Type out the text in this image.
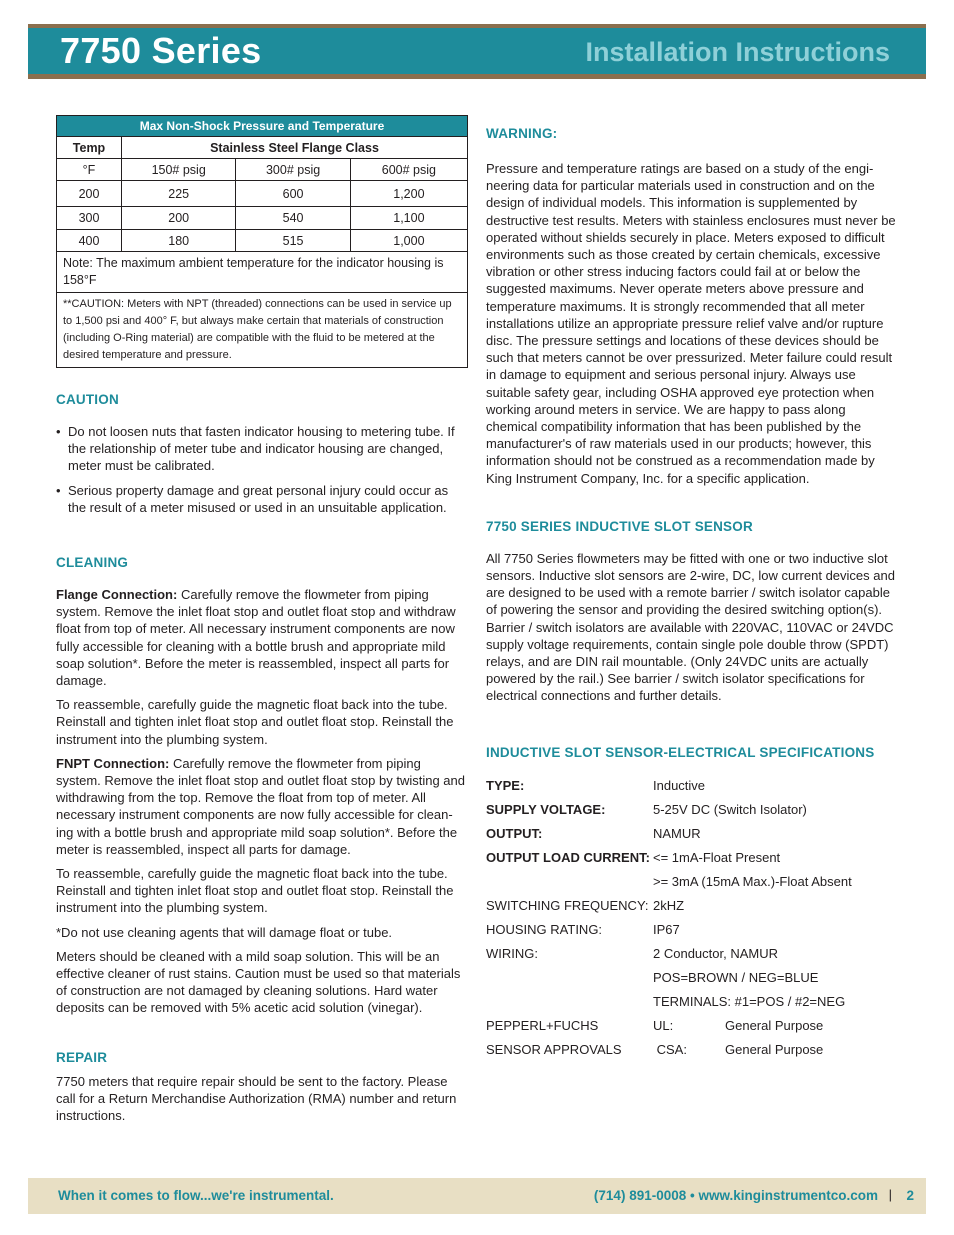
7750 Series	Installation Instructions
Max Non-Shock Pressure and Temperature			
Temp	Stainless Steel Flange Class		
°F	150# psig	300# psig	600# psig
200	225	600	1,200
300	200	540	1,100
400	180	515	1,000
Note: The maximum ambient temperature for the indicator housing is 158°F			
**CAUTION: Meters with NPT (threaded) connections can be used in service up to 1,500 psi and 400° F, but always make certain that materials of construction (including O-Ring material) are compatible with the fluid to be metered at the desired temperature and pressure.			
CAUTION
• Do not loosen nuts that fasten indicator housing to metering tube. If the relationship of meter tube and indicator housing are changed, meter must be calibrated.
• Serious property damage and great personal injury could occur as the result of a meter misused or used in an unsuitable application.
CLEANING

Flange Connection: Carefully remove the flowmeter from piping system. Remove the inlet float stop and outlet float stop and withdraw float from top of meter. All necessary instrument components are now fully accessible for cleaning with a bottle brush and appropriate mild soap solution*. Before the meter is reassembled, inspect all parts for damage.

To reassemble, carefully guide the magnetic float back into the tube. Reinstall and tighten inlet float stop and outlet float stop. Reinstall the instrument into the plumbing system.

FNPT Connection: Carefully remove the flowmeter from piping system. Remove the inlet float stop and outlet float stop by twisting and withdrawing from the top. Remove the float from top of meter. All necessary instrument components are now fully accessible for clean-ing with a bottle brush and appropriate mild soap solution*. Before the meter is reassembled, inspect all parts for damage.

To reassemble, carefully guide the magnetic float back into the tube. Reinstall and tighten inlet float stop and outlet float stop. Reinstall the instrument into the plumbing system.

*Do not use cleaning agents that will damage float or tube.

Meters should be cleaned with a mild soap solution. This will be an effective cleaner of rust stains. Caution must be used so that materials of construction are not damaged by cleaning solutions. Hard water deposits can be removed with 5% acetic acid solution (vinegar).

REPAIR

7750 meters that require repair should be sent to the factory. Please call for a Return Merchandise Authorization (RMA) number and return instructions.

WARNING:

Pressure and temperature ratings are based on a study of the engi-neering data for particular materials used in construction and on the design of individual models. This information is supplemented by destructive test results. Meters with stainless enclosures must never be operated without shields securely in place. Meters exposed to difficult environments such as those created by certain chemicals, excessive vibration or other stress inducing factors could fail at or below the suggested maximums. Never operate meters above pressure and temperature maximums. It is strongly recommended that all meter installations utilize an appropriate pressure relief valve and/or rupture disc. The pressure settings and locations of these devices should be such that meters cannot be over pressurized. Meter failure could result in damage to equipment and serious personal injury. Always use suitable safety gear, including OSHA approved eye protection when working around meters in service. We are happy to pass along chemical compatibility information that has been published by the manufacturer's of raw materials used in our products; however, this information should not be construed as a recommendation made by King Instrument Company, Inc. for a specific application.

7750 SERIES INDUCTIVE SLOT SENSOR

All 7750 Series flowmeters may be fitted with one or two inductive slot sensors. Inductive slot sensors are 2-wire, DC, low current devices and are designed to be used with a remote barrier / switch isolator capable of powering the sensor and providing the desired switching option(s). Barrier / switch isolators are available with 220VAC, 110VAC or 24VDC supply voltage requirements, contain single pole double throw (SPDT) relays, and are DIN rail mountable. (Only 24VDC units are actually powered by the rail.) See barrier / switch isolator specifications for electrical connections and further details.

INDUCTIVE SLOT SENSOR-ELECTRICAL SPECIFICATIONS
TYPE:	Inductive
SUPPLY VOLTAGE:	5-25V DC (Switch Isolator)
OUTPUT:	NAMUR
OUTPUT LOAD CURRENT: <= 1mA-Float Present
>= 3mA (15mA Max.)-Float Absent
SWITCHING FREQUENCY: 2kHZ
HOUSING RATING:	IP67
WIRING:	2 Conductor, NAMUR
POS=BROWN / NEG=BLUE
TERMINALS: #1=POS / #2=NEG
PEPPERL+FUCHS	UL:	General Purpose
SENSOR APPROVALS	CSA:	General Purpose
When it comes to flow...we're instrumental.	(714) 891-0008 • www.kinginstrumentco.com | 2
